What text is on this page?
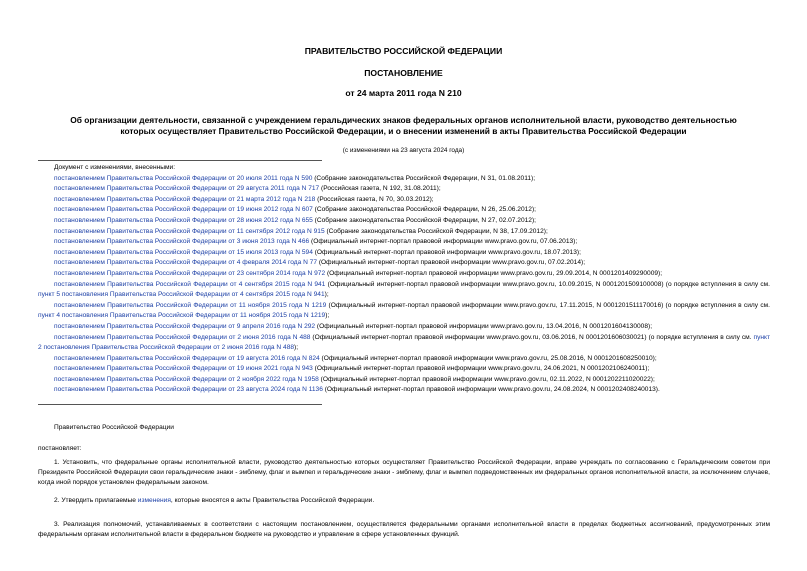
ПРАВИТЕЛЬСТВО РОССИЙСКОЙ ФЕДЕРАЦИИ
ПОСТАНОВЛЕНИЕ
от 24 марта 2011 года N 210
Об организации деятельности, связанной с учреждением геральдических знаков федеральных органов исполнительной власти, руководство деятельностью
которых осуществляет Правительство Российской Федерации, и о внесении изменений в акты Правительства Российской Федерации
(с изменениями на 23 августа 2024 года)
Документ с изменениями, внесенными:
постановлением Правительства Российской Федерации от 20 июля 2011 года N 590 (Собрание законодательства Российской Федерации, N 31, 01.08.2011);
постановлением Правительства Российской Федерации от 29 августа 2011 года N 717 (Российская газета, N 192, 31.08.2011);
постановлением Правительства Российской Федерации от 21 марта 2012 года N 218 (Российская газета, N 70, 30.03.2012);
постановлением Правительства Российской Федерации от 19 июня 2012 года N 607 (Собрание законодательства Российской Федерации, N 26, 25.06.2012);
постановлением Правительства Российской Федерации от 28 июня 2012 года N 655 (Собрание законодательства Российской Федерации, N 27, 02.07.2012);
постановлением Правительства Российской Федерации от 11 сентября 2012 года N 915 (Собрание законодательства Российской Федерации, N 38, 17.09.2012);
постановлением Правительства Российской Федерации от 3 июня 2013 года N 466 (Официальный интернет-портал правовой информации www.pravo.gov.ru, 07.06.2013);
постановлением Правительства Российской Федерации от 15 июля 2013 года N 594 (Официальный интернет-портал правовой информации www.pravo.gov.ru, 18.07.2013);
постановлением Правительства Российской Федерации от 4 февраля 2014 года N 77 (Официальный интернет-портал правовой информации www.pravo.gov.ru, 07.02.2014);
постановлением Правительства Российской Федерации от 23 сентября 2014 года N 972 (Официальный интернет-портал правовой информации www.pravo.gov.ru, 29.09.2014, N 0001201409290009);
постановлением Правительства Российской Федерации от 4 сентября 2015 года N 941 (Официальный интернет-портал правовой информации www.pravo.gov.ru, 10.09.2015, N 0001201509100008) (о порядке вступления в силу см. пункт 5 постановления Правительства Российской Федерации от 4 сентября 2015 года N 941);
постановлением Правительства Российской Федерации от 11 ноября 2015 года N 1219 (Официальный интернет-портал правовой информации www.pravo.gov.ru, 17.11.2015, N 0001201511170016) (о порядке вступления в силу см. пункт 4 постановления Правительства Российской Федерации от 11 ноября 2015 года N 1219);
постановлением Правительства Российской Федерации от 9 апреля 2016 года N 292 (Официальный интернет-портал правовой информации www.pravo.gov.ru, 13.04.2016, N 0001201604130008);
постановлением Правительства Российской Федерации от 2 июня 2016 года N 488 (Официальный интернет-портал правовой информации www.pravo.gov.ru, 03.06.2016, N 0001201606030021) (о порядке вступления в силу см. пункт 2 постановления Правительства Российской Федерации от 2 июня 2016 года N 488);
постановлением Правительства Российской Федерации от 19 августа 2016 года N 824 (Официальный интернет-портал правовой информации www.pravo.gov.ru, 25.08.2016, N 0001201608250010);
постановлением Правительства Российской Федерации от 19 июня 2021 года N 943 (Официальный интернет-портал правовой информации www.pravo.gov.ru, 24.06.2021, N 0001202106240011);
постановлением Правительства Российской Федерации от 2 ноября 2022 года N 1958 (Официальный интернет-портал правовой информации www.pravo.gov.ru, 02.11.2022, N 0001202211020022);
постановлением Правительства Российской Федерации от 23 августа 2024 года N 1136 (Официальный интернет-портал правовой информации www.pravo.gov.ru, 24.08.2024, N 0001202408240013).
Правительство Российской Федерации
постановляет:
1. Установить, что федеральные органы исполнительной власти, руководство деятельностью которых осуществляет Правительство Российской Федерации, вправе учреждать по согласованию с Геральдическим советом при Президенте Российской Федерации свои геральдические знаки - эмблему, флаг и вымпел и геральдические знаки - эмблему, флаг и вымпел подведомственных им федеральных органов исполнительной власти, за исключением случаев, когда иной порядок установлен федеральным законом.
2. Утвердить прилагаемые изменения, которые вносятся в акты Правительства Российской Федерации.
3. Реализация полномочий, устанавливаемых в соответствии с настоящим постановлением, осуществляется федеральными органами исполнительной власти в пределах бюджетных ассигнований, предусмотренных этим федеральным органам исполнительной власти в федеральном бюджете на руководство и управление в сфере установленных функций.
